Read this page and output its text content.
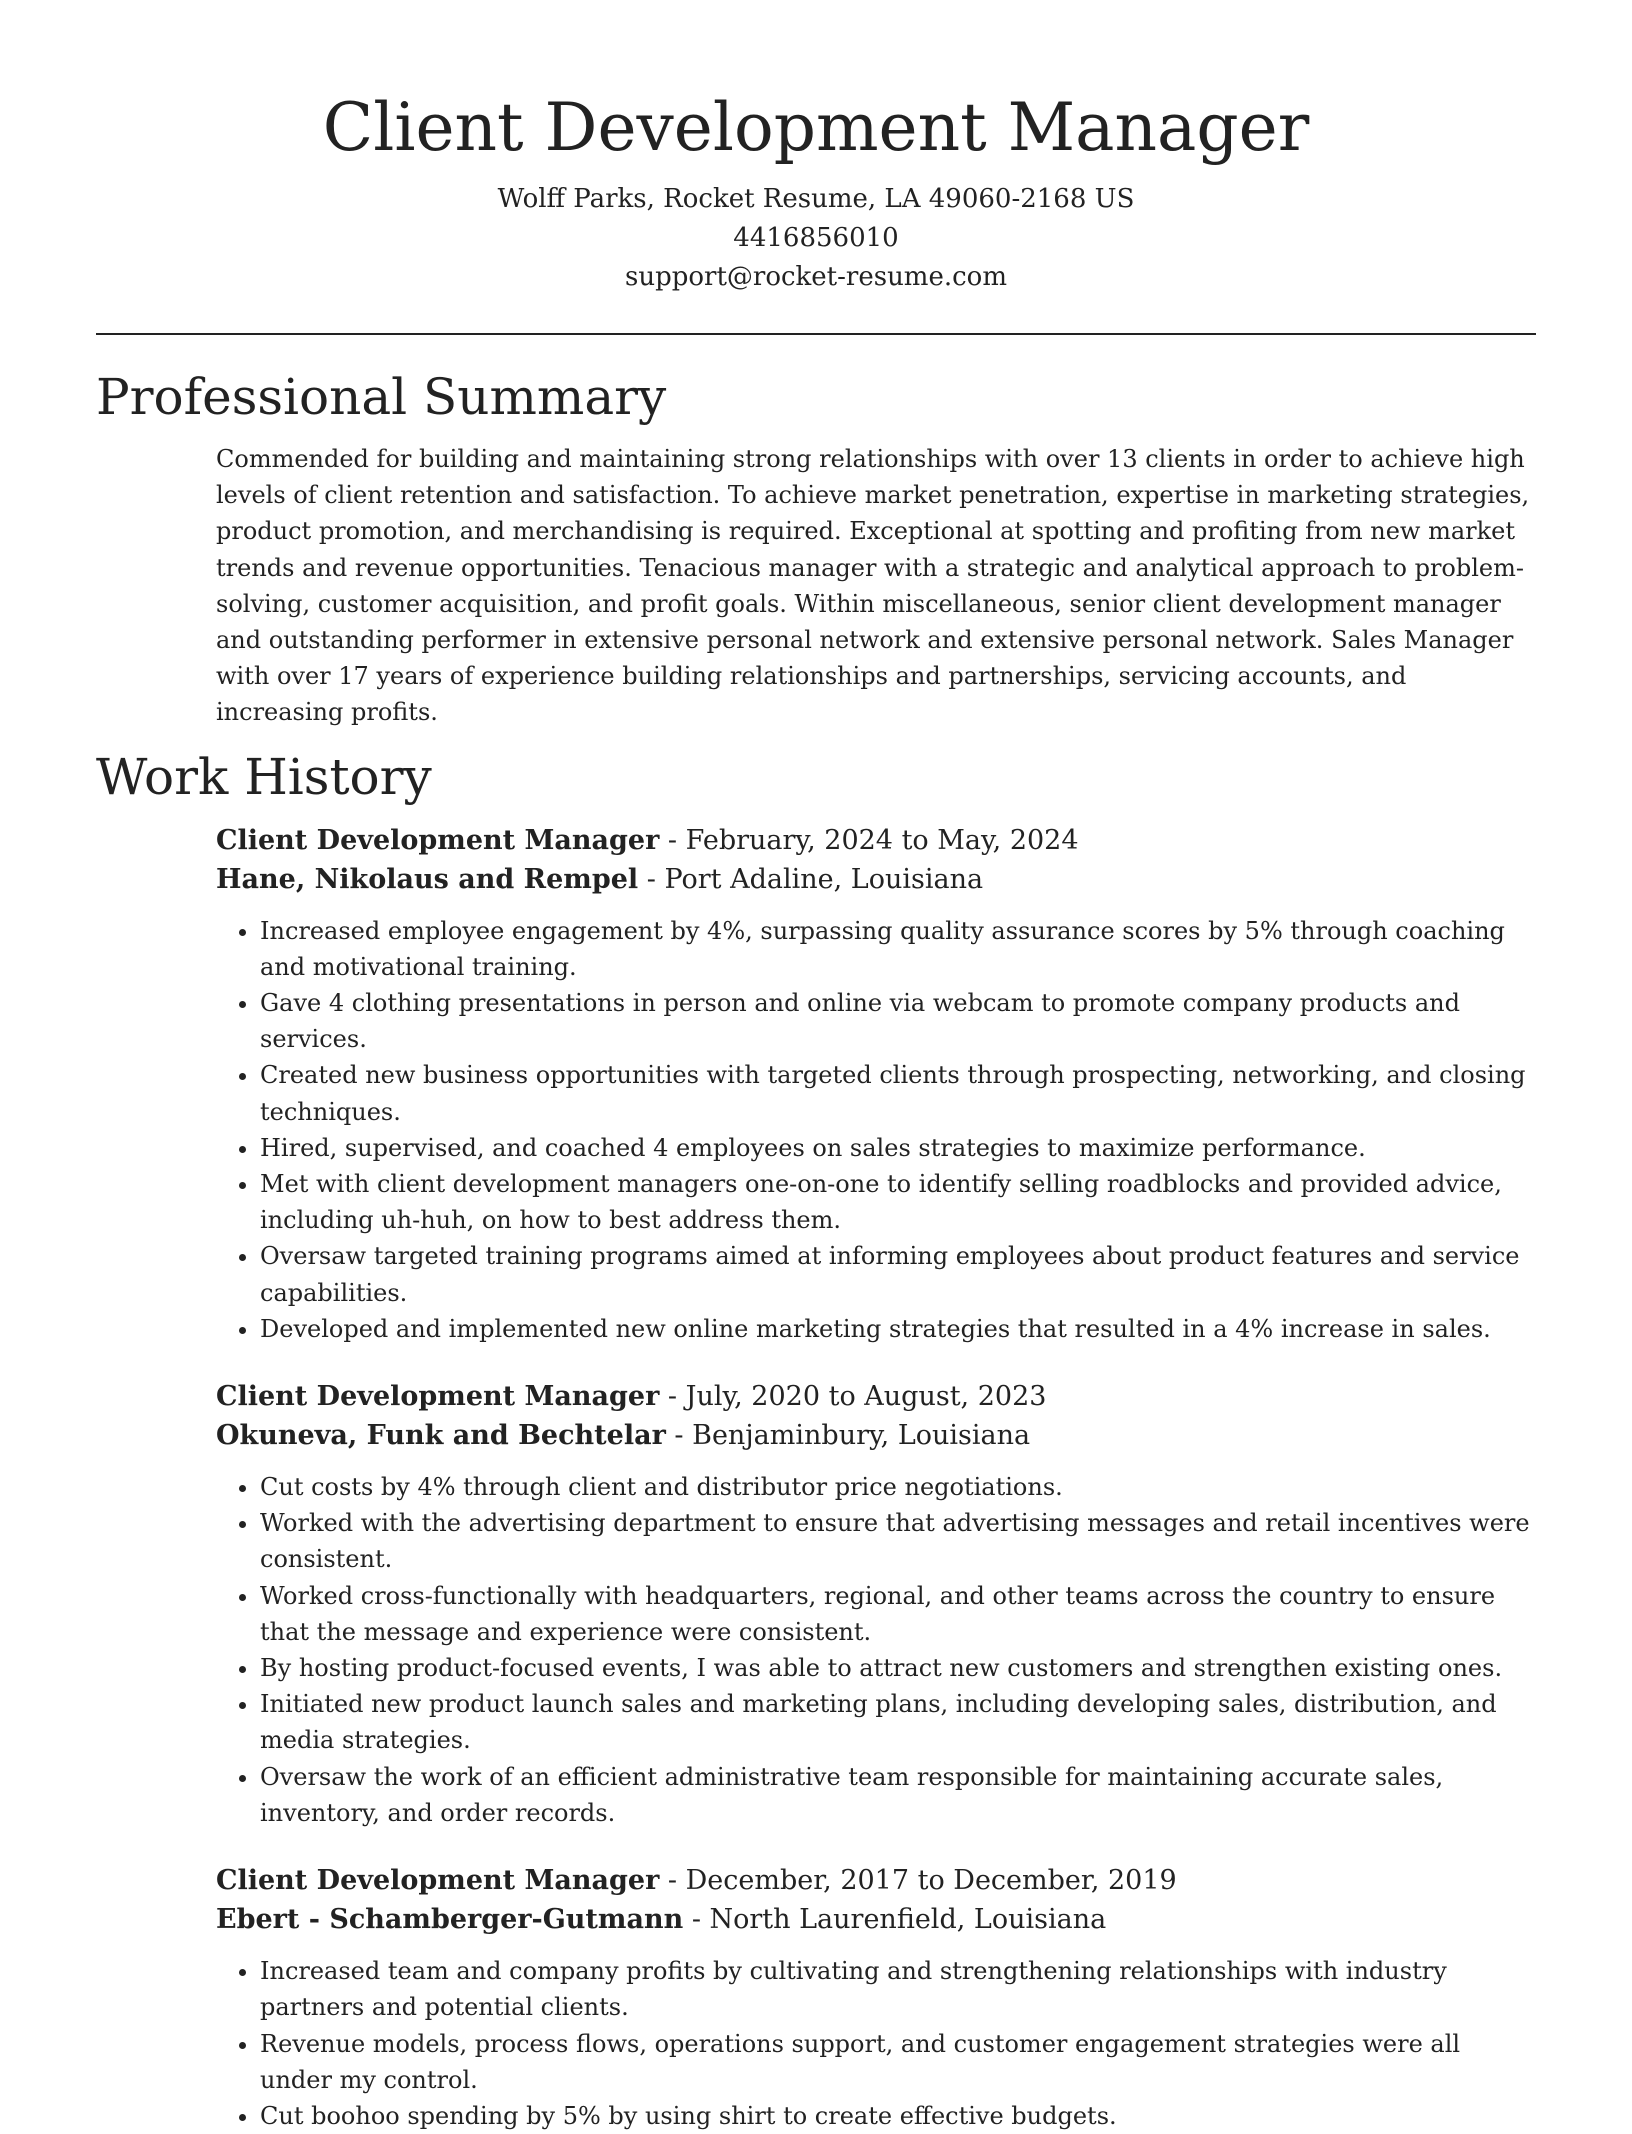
Client Development Manager

Wolff Parks, Rocket Resume, LA 49060-2168 US

4416856010

support@rocket-resume.com

Professional Summary

Commended for building and maintaining strong relationships with over 13 clients in order to achieve high levels of client retention and satisfaction. To achieve market penetration, expertise in marketing strategies, product promotion, and merchandising is required. Exceptional at spotting and profiting from new market trends and revenue opportunities. Tenacious manager with a strategic and analytical approach to problem-solving, customer acquisition, and profit goals. Within miscellaneous, senior client development manager and outstanding performer in extensive personal network and extensive personal network. Sales Manager with over 17 years of experience building relationships and partnerships, servicing accounts, and increasing profits.

Work History

Client Development Manager - February, 2024 to May, 2024

Hane, Nikolaus and Rempel - Port Adaline, Louisiana

• Increased employee engagement by 4%, surpassing quality assurance scores by 5% through coaching and motivational training.
• Gave 4 clothing presentations in person and online via webcam to promote company products and services.
• Created new business opportunities with targeted clients through prospecting, networking, and closing techniques.
• Hired, supervised, and coached 4 employees on sales strategies to maximize performance.
• Met with client development managers one-on-one to identify selling roadblocks and provided advice, including uh-huh, on how to best address them.
• Oversaw targeted training programs aimed at informing employees about product features and service capabilities.
• Developed and implemented new online marketing strategies that resulted in a 4% increase in sales.

Client Development Manager - July, 2020 to August, 2023

Okuneva, Funk and Bechtelar - Benjaminbury, Louisiana

• Cut costs by 4% through client and distributor price negotiations.
• Worked with the advertising department to ensure that advertising messages and retail incentives were consistent.
• Worked cross-functionally with headquarters, regional, and other teams across the country to ensure that the message and experience were consistent.
• By hosting product-focused events, I was able to attract new customers and strengthen existing ones.
• Initiated new product launch sales and marketing plans, including developing sales, distribution, and media strategies.
• Oversaw the work of an efficient administrative team responsible for maintaining accurate sales, inventory, and order records.

Client Development Manager - December, 2017 to December, 2019

Ebert - Schamberger-Gutmann - North Laurenfield, Louisiana

• Increased team and company profits by cultivating and strengthening relationships with industry partners and potential clients.
• Revenue models, process flows, operations support, and customer engagement strategies were all under my control.
• Cut boohoo spending by 5% by using shirt to create effective budgets.
